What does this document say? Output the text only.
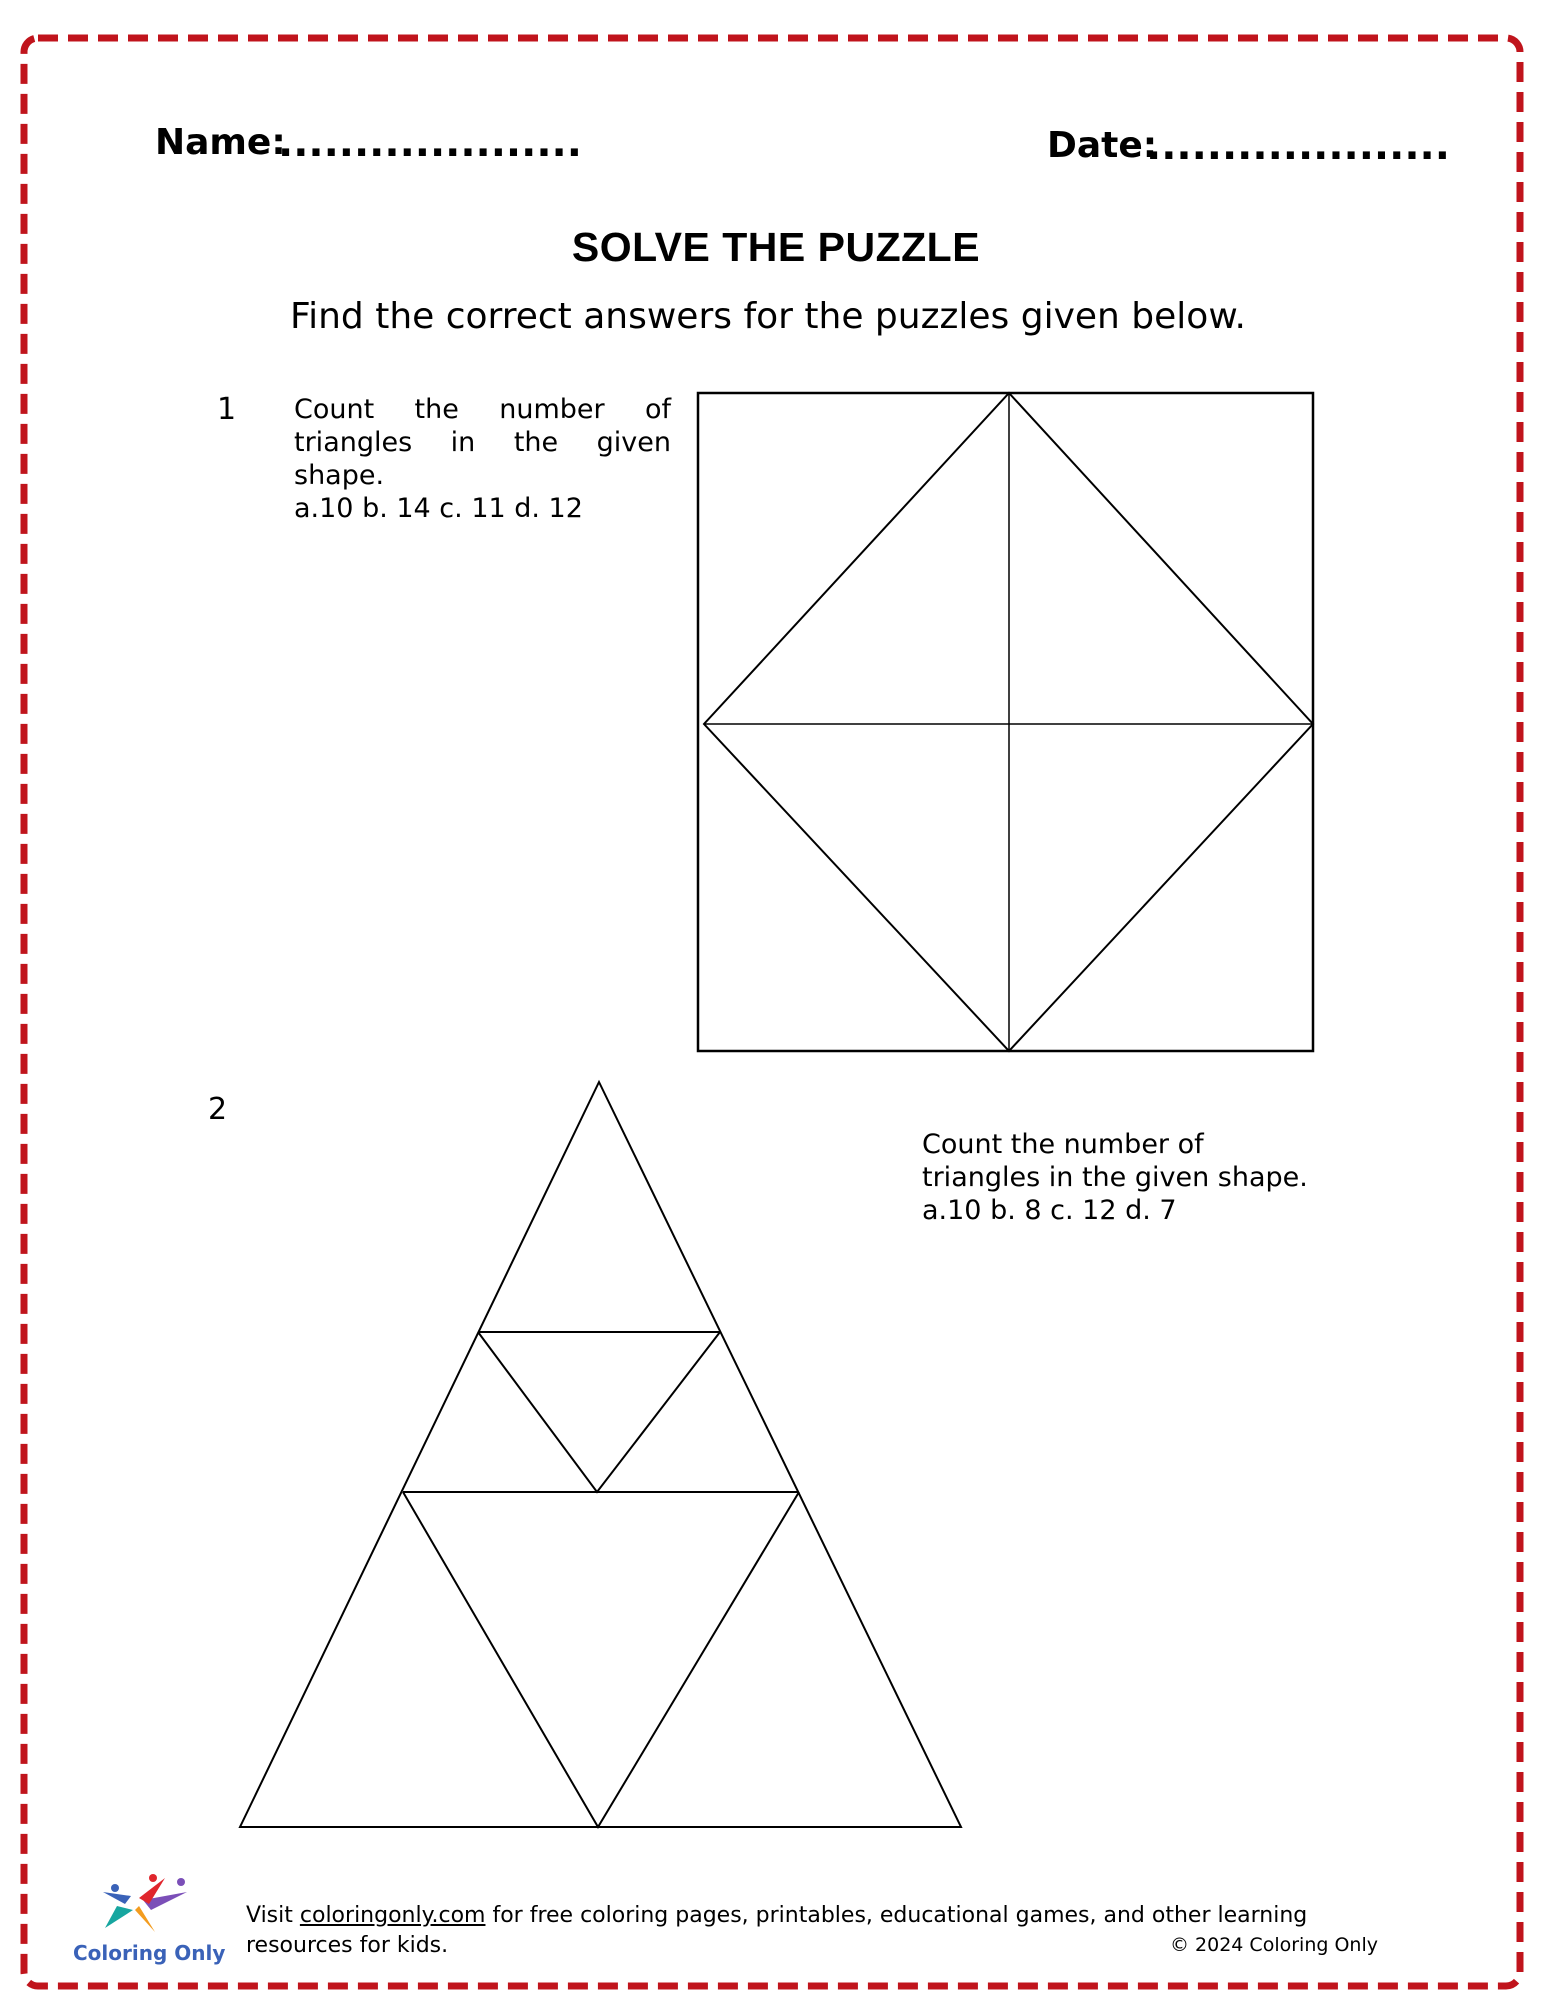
Name:
....................	Date:
....................
SOLVE THE PUZZLE
Find the correct answers for the puzzles given below.
1 Count the number of triangles in the given shape.
a.10 b. 14 c. 11 d. 12
2
Count the number of
triangles in the given shape.
a.10 b. 8 c. 12 d. 7
Coloring Only
Visit coloringonly.com for free coloring pages, printables, educational games, and other learning resources for kids.	© 2024 Coloring Only
